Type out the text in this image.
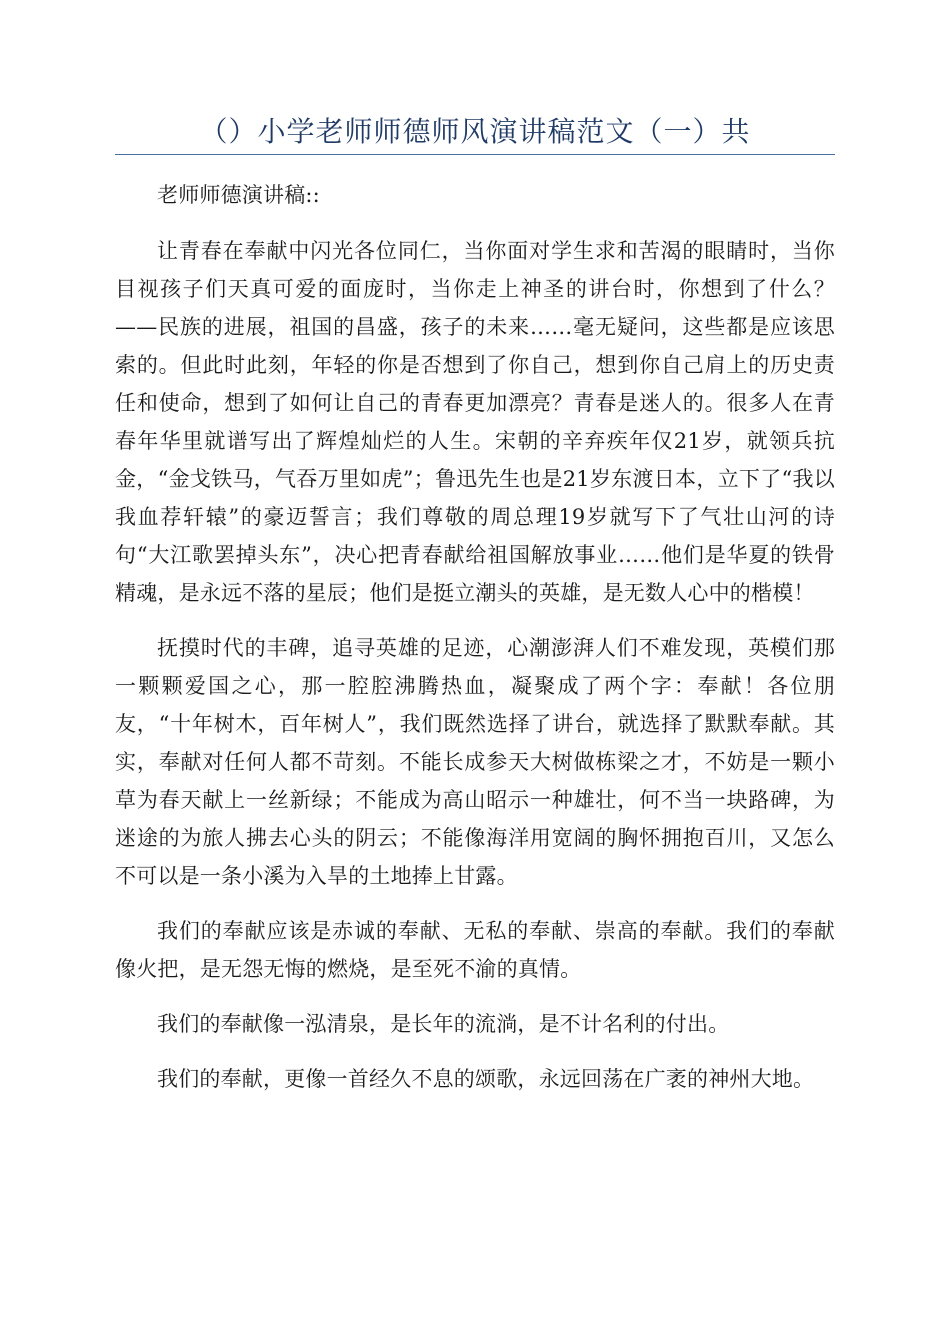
（）小学老师师德师风演讲稿范文（一）共

老师师德演讲稿::

让青春在奉献中闪光各位同仁，当你面对学生求和苦渴的眼睛时，当你目视孩子们天真可爱的面庞时，当你走上神圣的讲台时，你想到了什么？——民族的进展，祖国的昌盛，孩子的未来……毫无疑问，这些都是应该思索的。但此时此刻，年轻的你是否想到了你自己，想到你自己肩上的历史责任和使命，想到了如何让自己的青春更加漂亮？青春是迷人的。很多人在青春年华里就谱写出了辉煌灿烂的人生。宋朝的辛弃疾年仅21岁，就领兵抗金，“金戈铁马，气吞万里如虎”；鲁迅先生也是21岁东渡日本，立下了“我以我血荐轩辕”的豪迈誓言；我们尊敬的周总理19岁就写下了气壮山河的诗句“大江歌罢掉头东”，决心把青春献给祖国解放事业……他们是华夏的铁骨精魂，是永远不落的星辰；他们是挺立潮头的英雄，是无数人心中的楷模！

抚摸时代的丰碑，追寻英雄的足迹，心潮澎湃人们不难发现，英模们那一颗颗爱国之心，那一腔腔沸腾热血，凝聚成了两个字：奉献！各位朋友，“十年树木，百年树人”，我们既然选择了讲台，就选择了默默奉献。其实，奉献对任何人都不苛刻。不能长成参天大树做栋梁之才，不妨是一颗小草为春天献上一丝新绿；不能成为高山昭示一种雄壮，何不当一块路碑，为迷途的为旅人拂去心头的阴云；不能像海洋用宽阔的胸怀拥抱百川，又怎么不可以是一条小溪为入旱的土地捧上甘露。

我们的奉献应该是赤诚的奉献、无私的奉献、崇高的奉献。我们的奉献像火把，是无怨无悔的燃烧，是至死不渝的真情。

我们的奉献像一泓清泉，是长年的流淌，是不计名利的付出。

我们的奉献，更像一首经久不息的颂歌，永远回荡在广袤的神州大地。
